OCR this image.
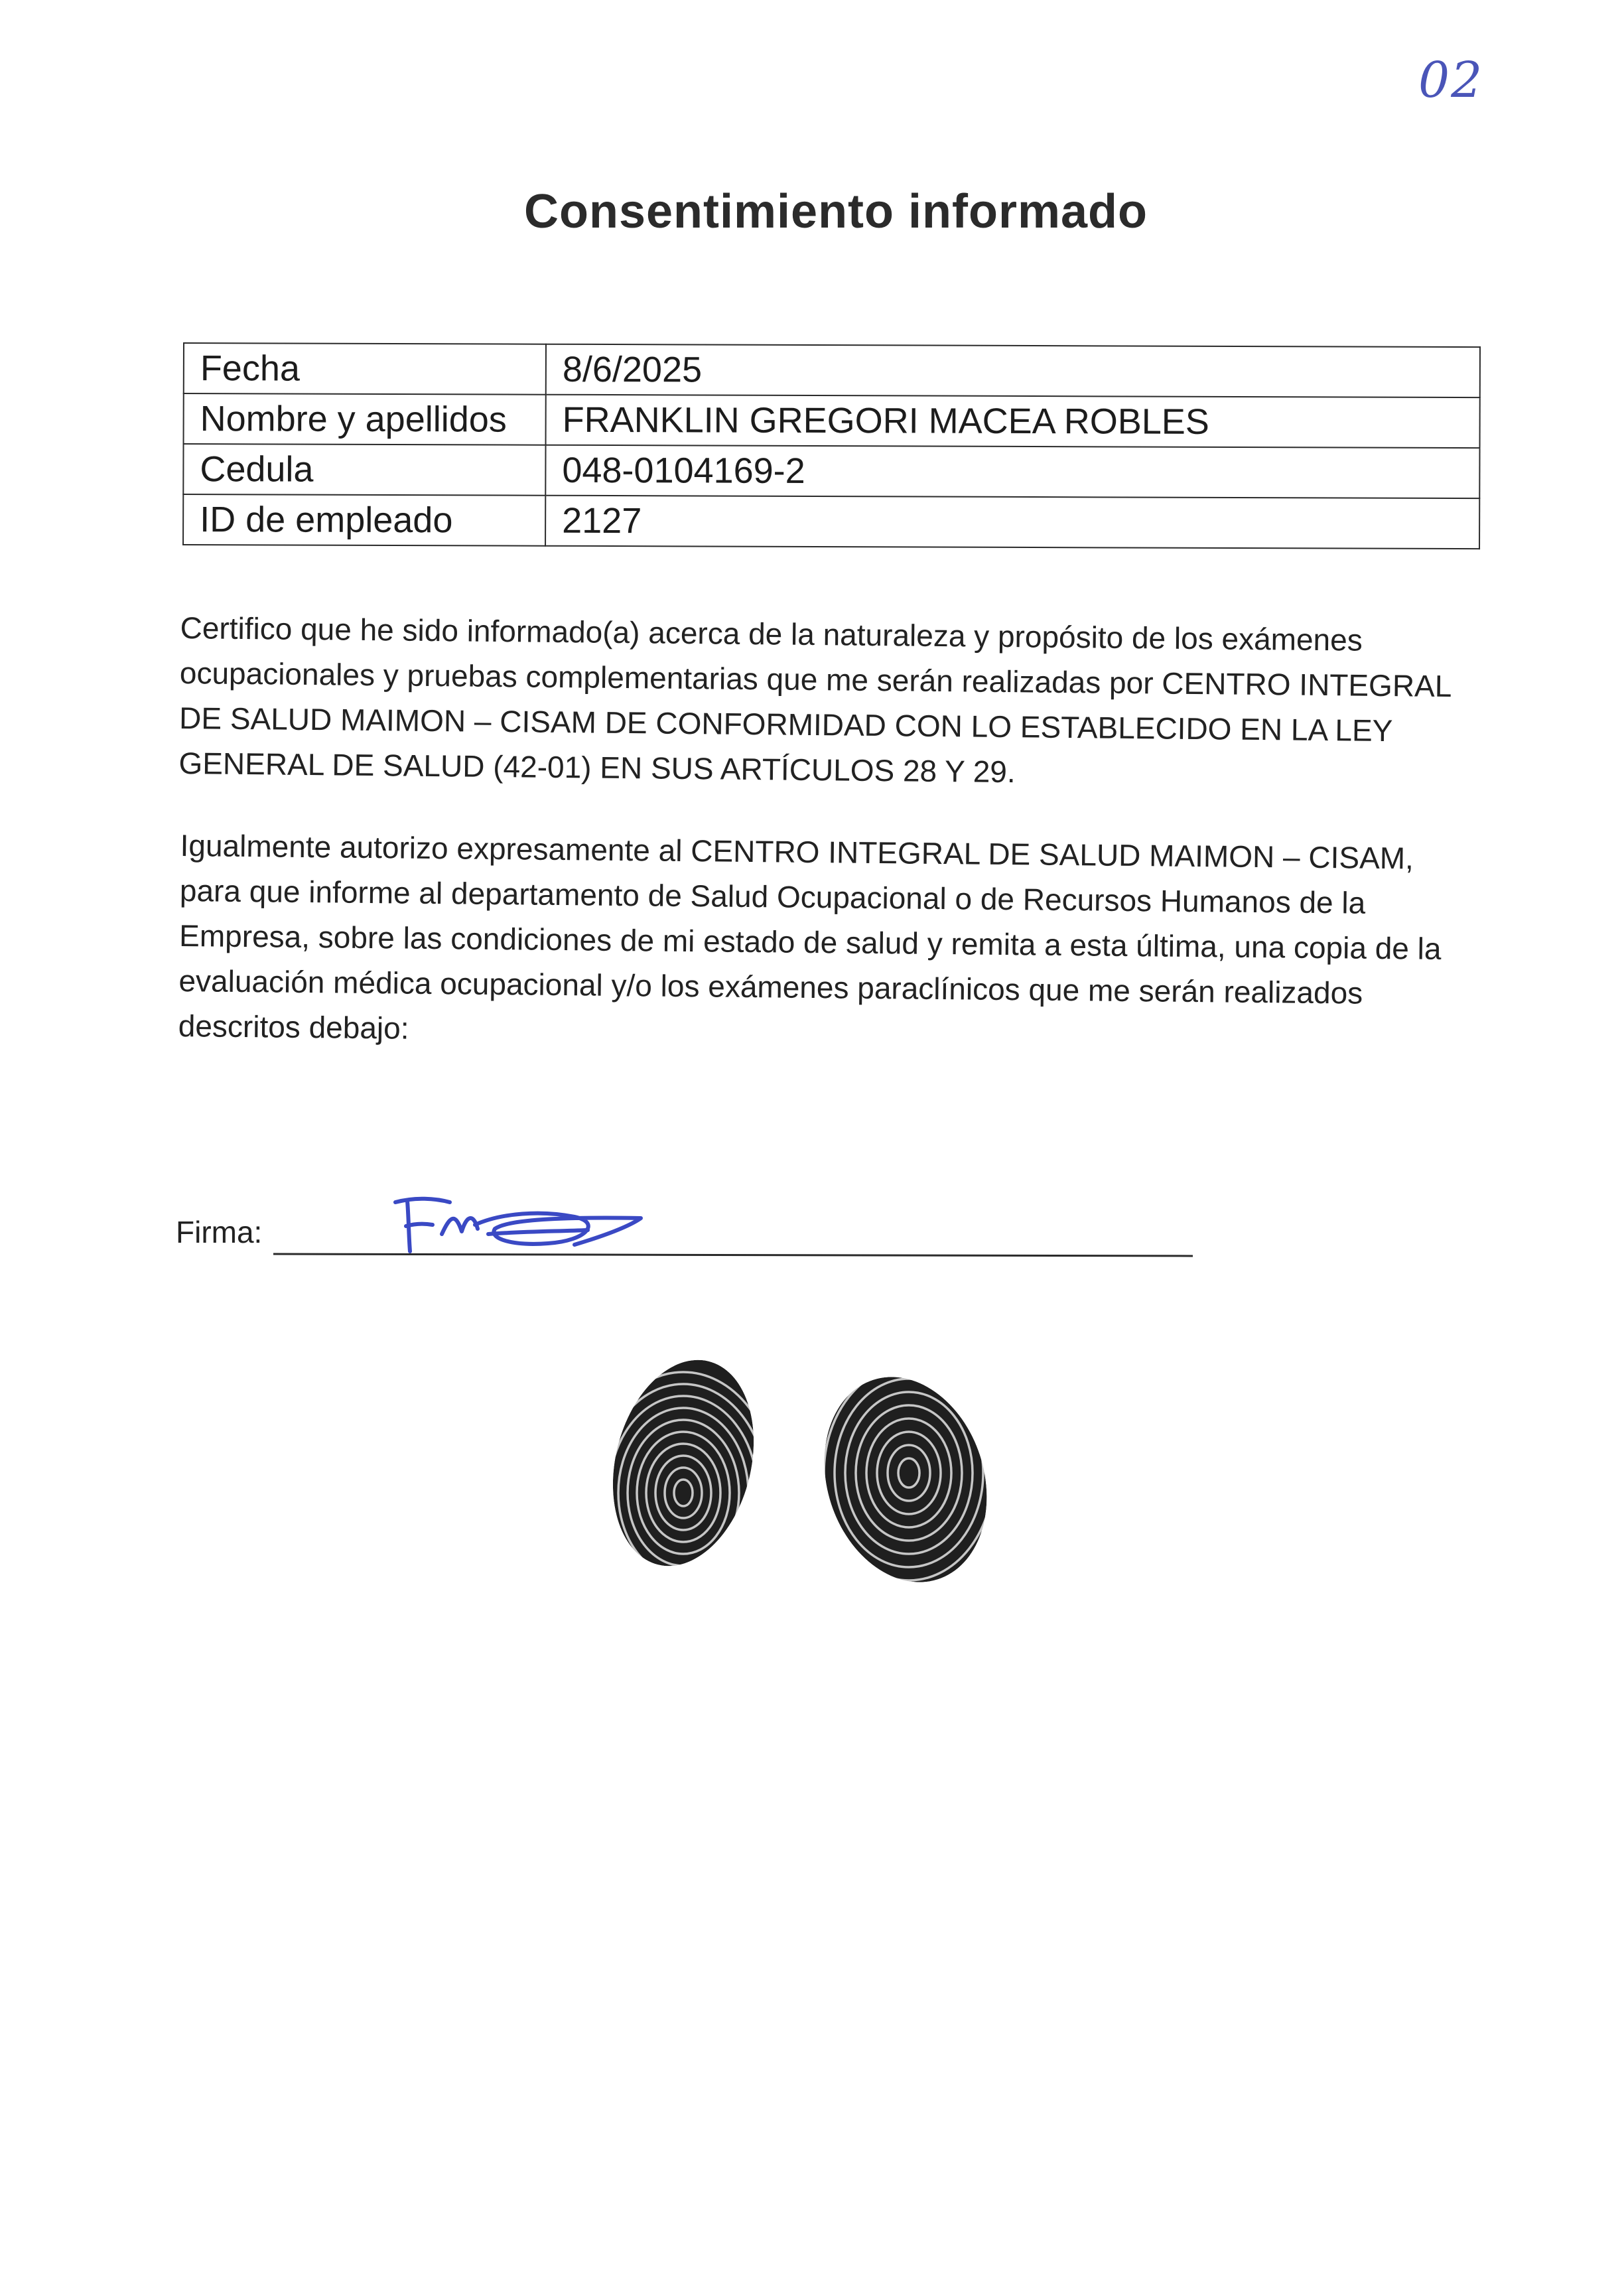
02
Consentimiento informado
Fecha	8/6/2025
Nombre y apellidos	FRANKLIN GREGORI MACEA ROBLES
Cedula	048-0104169-2
ID de empleado	2127
Certifico que he sido informado(a) acerca de la naturaleza y propósito de los exámenes ocupacionales y pruebas complementarias que me serán realizadas por CENTRO INTEGRAL DE SALUD MAIMON – CISAM DE CONFORMIDAD CON LO ESTABLECIDO EN LA LEY GENERAL DE SALUD (42-01) EN SUS ARTÍCULOS 28 Y 29.
Igualmente autorizo expresamente al CENTRO INTEGRAL DE SALUD MAIMON – CISAM, para que informe al departamento de Salud Ocupacional o de Recursos Humanos de la Empresa, sobre las condiciones de mi estado de salud y remita a esta última, una copia de la evaluación médica ocupacional y/o los exámenes paraclínicos que me serán realizados descritos debajo:
Firma:
